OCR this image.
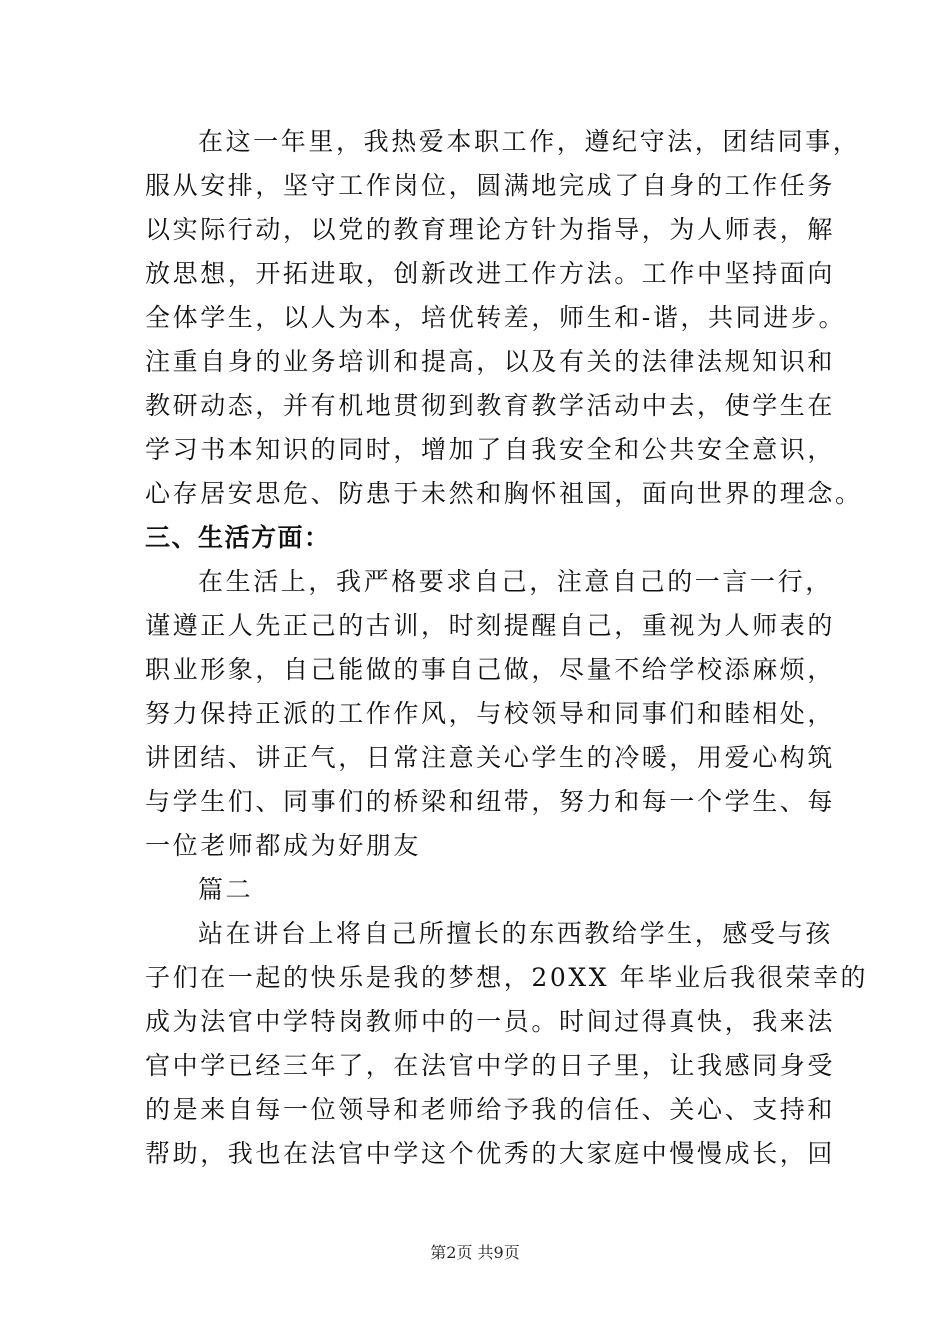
在这一年里，我热爱本职工作，遵纪守法，团结同事，
服从安排，坚守工作岗位，圆满地完成了自身的工作任务
以实际行动，以党的教育理论方针为指导，为人师表，解
放思想，开拓进取，创新改进工作方法。工作中坚持面向
全体学生，以人为本，培优转差，师生和-谐，共同进步。
注重自身的业务培训和提高，以及有关的法律法规知识和
教研动态，并有机地贯彻到教育教学活动中去，使学生在
学习书本知识的同时，增加了自我安全和公共安全意识，
心存居安思危、防患于未然和胸怀祖国，面向世界的理念。
三、生活方面：
在生活上，我严格要求自己，注意自己的一言一行，
谨遵正人先正己的古训，时刻提醒自己，重视为人师表的
职业形象，自己能做的事自己做，尽量不给学校添麻烦，
努力保持正派的工作作风，与校领导和同事们和睦相处，
讲团结、讲正气，日常注意关心学生的冷暖，用爱心构筑
与学生们、同事们的桥梁和纽带，努力和每一个学生、每
一位老师都成为好朋友
篇二
站在讲台上将自己所擅长的东西教给学生，感受与孩
子们在一起的快乐是我的梦想，20XX 年毕业后我很荣幸的
成为法官中学特岗教师中的一员。时间过得真快，我来法
官中学已经三年了，在法官中学的日子里，让我感同身受
的是来自每一位领导和老师给予我的信任、关心、支持和
帮助，我也在法官中学这个优秀的大家庭中慢慢成长，回
第2页 共9页
